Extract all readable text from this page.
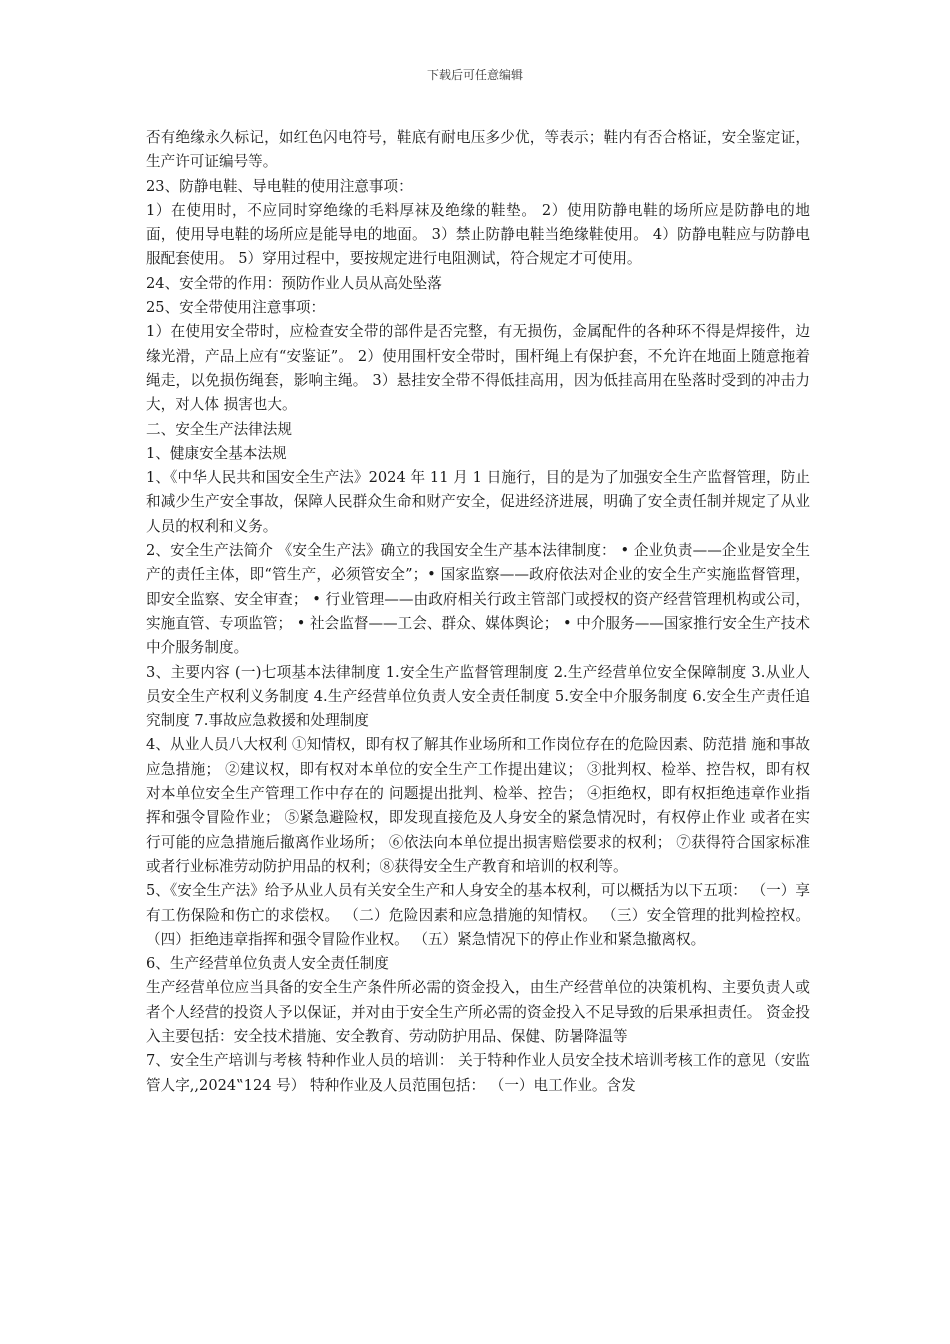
下载后可任意编辑

否有绝缘永久标记，如红色闪电符号，鞋底有耐电压多少优，等表示；鞋内有否合格证，安全鉴定证，生产许可证编号等。

23、防静电鞋、导电鞋的使用注意事项：

1）在使用时，不应同时穿绝缘的毛料厚袜及绝缘的鞋垫。 2）使用防静电鞋的场所应是防静电的地面，使用导电鞋的场所应是能导电的地面。 3）禁止防静电鞋当绝缘鞋使用。 4）防静电鞋应与防静电服配套使用。 5）穿用过程中，要按规定进行电阻测试，符合规定才可使用。

24、安全带的作用：预防作业人员从高处坠落

25、安全带使用注意事项：

1）在使用安全带时，应检查安全带的部件是否完整，有无损伤，金属配件的各种环不得是焊接件，边缘光滑，产品上应有“安鉴证”。 2）使用围杆安全带时，围杆绳上有保护套，不允许在地面上随意拖着绳走，以免损伤绳套，影响主绳。 3）悬挂安全带不得低挂高用，因为低挂高用在坠落时受到的冲击力大，对人体 损害也大。

二、安全生产法律法规

1、健康安全基本法规

1、《中华人民共和国安全生产法》2024 年 11 月 1 日施行，目的是为了加强安全生产监督管理，防止和减少生产安全事故，保障人民群众生命和财产安全，促进经济进展，明确了安全责任制并规定了从业人员的权利和义务。

2、安全生产法简介 《安全生产法》确立的我国安全生产基本法律制度： • 企业负责——企业是安全生产的责任主体，即“管生产，必须管安全”；• 国家监察——政府依法对企业的安全生产实施监督管理，即安全监察、安全审查； • 行业管理——由政府相关行政主管部门或授权的资产经营管理机构或公司，实施直管、专项监管； • 社会监督——工会、群众、媒体舆论； • 中介服务——国家推行安全生产技术中介服务制度。

3、主要内容 (一)七项基本法律制度 1.安全生产监督管理制度 2.生产经营单位安全保障制度 3.从业人员安全生产权利义务制度 4.生产经营单位负责人安全责任制度 5.安全中介服务制度 6.安全生产责任追究制度 7.事故应急救援和处理制度

4、从业人员八大权利 ①知情权，即有权了解其作业场所和工作岗位存在的危险因素、防范措 施和事故应急措施； ②建议权，即有权对本单位的安全生产工作提出建议； ③批判权、检举、控告权，即有权对本单位安全生产管理工作中存在的 问题提出批判、检举、控告； ④拒绝权，即有权拒绝违章作业指挥和强令冒险作业； ⑤紧急避险权，即发现直接危及人身安全的紧急情况时，有权停止作业 或者在实行可能的应急措施后撤离作业场所； ⑥依法向本单位提出损害赔偿要求的权利； ⑦获得符合国家标准或者行业标准劳动防护用品的权利；⑧获得安全生产教育和培训的权利等。

5、《安全生产法》给予从业人员有关安全生产和人身安全的基本权利，可以概括为以下五项： （一）享有工伤保险和伤亡的求偿权。 （二）危险因素和应急措施的知情权。 （三）安全管理的批判检控权。 （四）拒绝违章指挥和强令冒险作业权。 （五）紧急情况下的停止作业和紧急撤离权。

6、生产经营单位负责人安全责任制度

生产经营单位应当具备的安全生产条件所必需的资金投入，由生产经营单位的决策机构、主要负责人或者个人经营的投资人予以保证，并对由于安全生产所必需的资金投入不足导致的后果承担责任。 资金投入主要包括：安全技术措施、安全教育、劳动防护用品、保健、防暑降温等

7、安全生产培训与考核 特种作业人员的培训： 关于特种作业人员安全技术培训考核工作的意见（安监管人字,,2024‟124 号） 特种作业及人员范围包括： （一）电工作业。含发
